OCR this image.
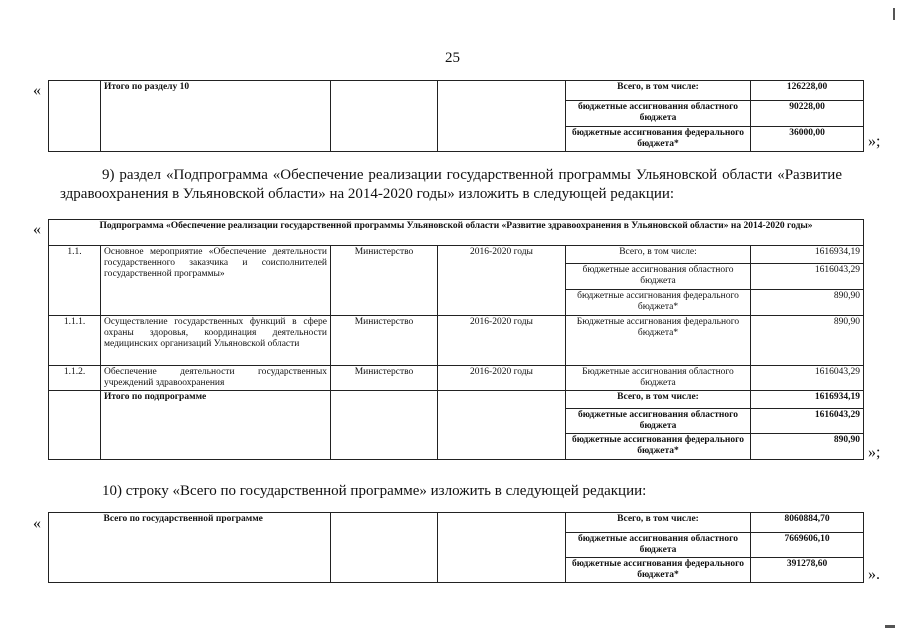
25
«
		Итого по разделу 10			Всего, в том числе:	126228,00
				бюджетные ассигнования областного бюджета	90228,00
				бюджетные ассигнования федерального бюджета*	36000,00	»;
9) раздел «Подпрограмма «Обеспечение реализации государственной программы Ульяновской области «Развитие здравоохранения в Ульяновской области» на 2014-2020 годы» изложить в следующей редакции:
«	Подпрограмма «Обеспечение реализации государственной программы Ульяновской области «Развитие здравоохранения в Ульяновской области» на 2014-2020 годы»					
1.1.	Основное мероприятие «Обеспечение деятельности государственного заказчика и соисполнителей государственной программы»	Министерство	2016-2020 годы	Всего, в том числе:	1616934,19
				бюджетные ассигнования областного бюджета	1616043,29
				бюджетные ассигнования федерального бюджета*	890,90
1.1.1.	Осуществление государственных функций в сфере охраны здоровья, координация деятельности медицинских организаций Ульяновской области	Министерство	2016-2020 годы	Бюджетные ассигнования федерального бюджета*	890,90
1.1.2.	Обеспечение деятельности государственных учреждений здравоохранения	Министерство	2016-2020 годы	Бюджетные ассигнования областного бюджета	1616043,29
	Итого по подпрограмме			Всего, в том числе:	1616934,19
				бюджетные ассигнования областного бюджета	1616043,29
				бюджетные ассигнования федерального бюджета*	890,90
»;
10) строку «Всего по государственной программе» изложить в следующей редакции:
«
		Всего по государственной программе			Всего, в том числе:	8060884,70
				бюджетные ассигнования областного бюджета	7669606,10
				бюджетные ассигнования федерального бюджета*	391278,60
».
